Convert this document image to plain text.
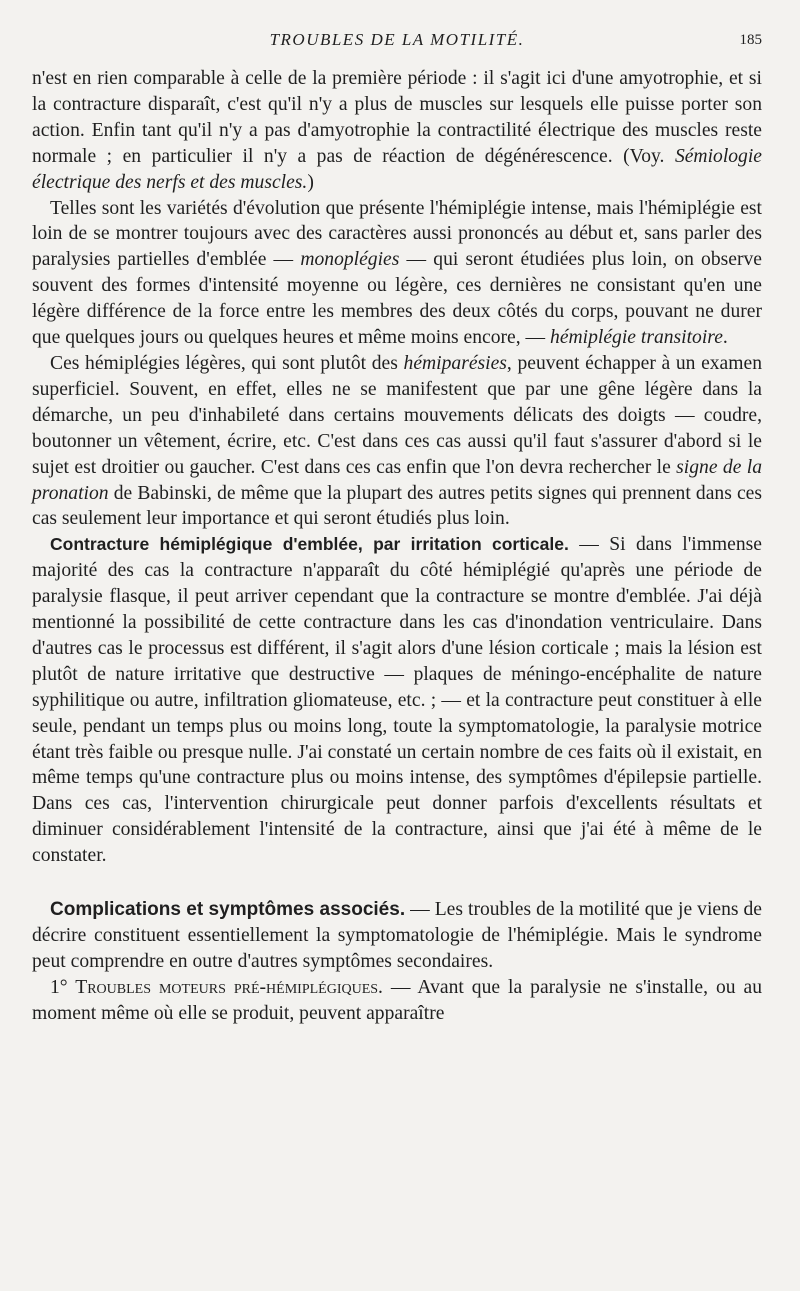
TROUBLES DE LA MOTILITÉ.	185

n'est en rien comparable à celle de la première période : il s'agit ici d'une amyotrophie, et si la contracture disparaît, c'est qu'il n'y a plus de muscles sur lesquels elle puisse porter son action. Enfin tant qu'il n'y a pas d'amyotrophie la contractilité électrique des muscles reste normale ; en particulier il n'y a pas de réaction de dégénérescence. (Voy. Sémiologie électrique des nerfs et des muscles.)

Telles sont les variétés d'évolution que présente l'hémiplégie intense, mais l'hémiplégie est loin de se montrer toujours avec des caractères aussi prononcés au début et, sans parler des paralysies partielles d'emblée — monoplégies — qui seront étudiées plus loin, on observe souvent des formes d'intensité moyenne ou légère, ces dernières ne consistant qu'en une légère différence de la force entre les membres des deux côtés du corps, pouvant ne durer que quelques jours ou quelques heures et même moins encore, — hémiplégie transitoire.

Ces hémiplégies légères, qui sont plutôt des hémiparésies, peuvent échapper à un examen superficiel. Souvent, en effet, elles ne se manifestent que par une gêne légère dans la démarche, un peu d'inhabileté dans certains mouvements délicats des doigts — coudre, boutonner un vêtement, écrire, etc. C'est dans ces cas aussi qu'il faut s'assurer d'abord si le sujet est droitier ou gaucher. C'est dans ces cas enfin que l'on devra rechercher le signe de la pronation de Babinski, de même que la plupart des autres petits signes qui prennent dans ces cas seulement leur importance et qui seront étudiés plus loin.

Contracture hémiplégique d'emblée, par irritation corticale. — Si dans l'immense majorité des cas la contracture n'apparaît du côté hémiplégié qu'après une période de paralysie flasque, il peut arriver cependant que la contracture se montre d'emblée. J'ai déjà mentionné la possibilité de cette contracture dans les cas d'inondation ventriculaire. Dans d'autres cas le processus est différent, il s'agit alors d'une lésion corticale ; mais la lésion est plutôt de nature irritative que destructive — plaques de méningo-encéphalite de nature syphilitique ou autre, infiltration gliomateuse, etc. ; — et la contracture peut constituer à elle seule, pendant un temps plus ou moins long, toute la symptomatologie, la paralysie motrice étant très faible ou presque nulle. J'ai constaté un certain nombre de ces faits où il existait, en même temps qu'une contracture plus ou moins intense, des symptômes d'épilepsie partielle. Dans ces cas, l'intervention chirurgicale peut donner parfois d'excellents résultats et diminuer considérablement l'intensité de la contracture, ainsi que j'ai été à même de le constater.

Complications et symptômes associés. — Les troubles de la motilité que je viens de décrire constituent essentiellement la symptomatologie de l'hémiplégie. Mais le syndrome peut comprendre en outre d'autres symptômes secondaires.

1° Troubles moteurs pré-hémiplégiques. — Avant que la paralysie ne s'installe, ou au moment même où elle se produit, peuvent apparaître
